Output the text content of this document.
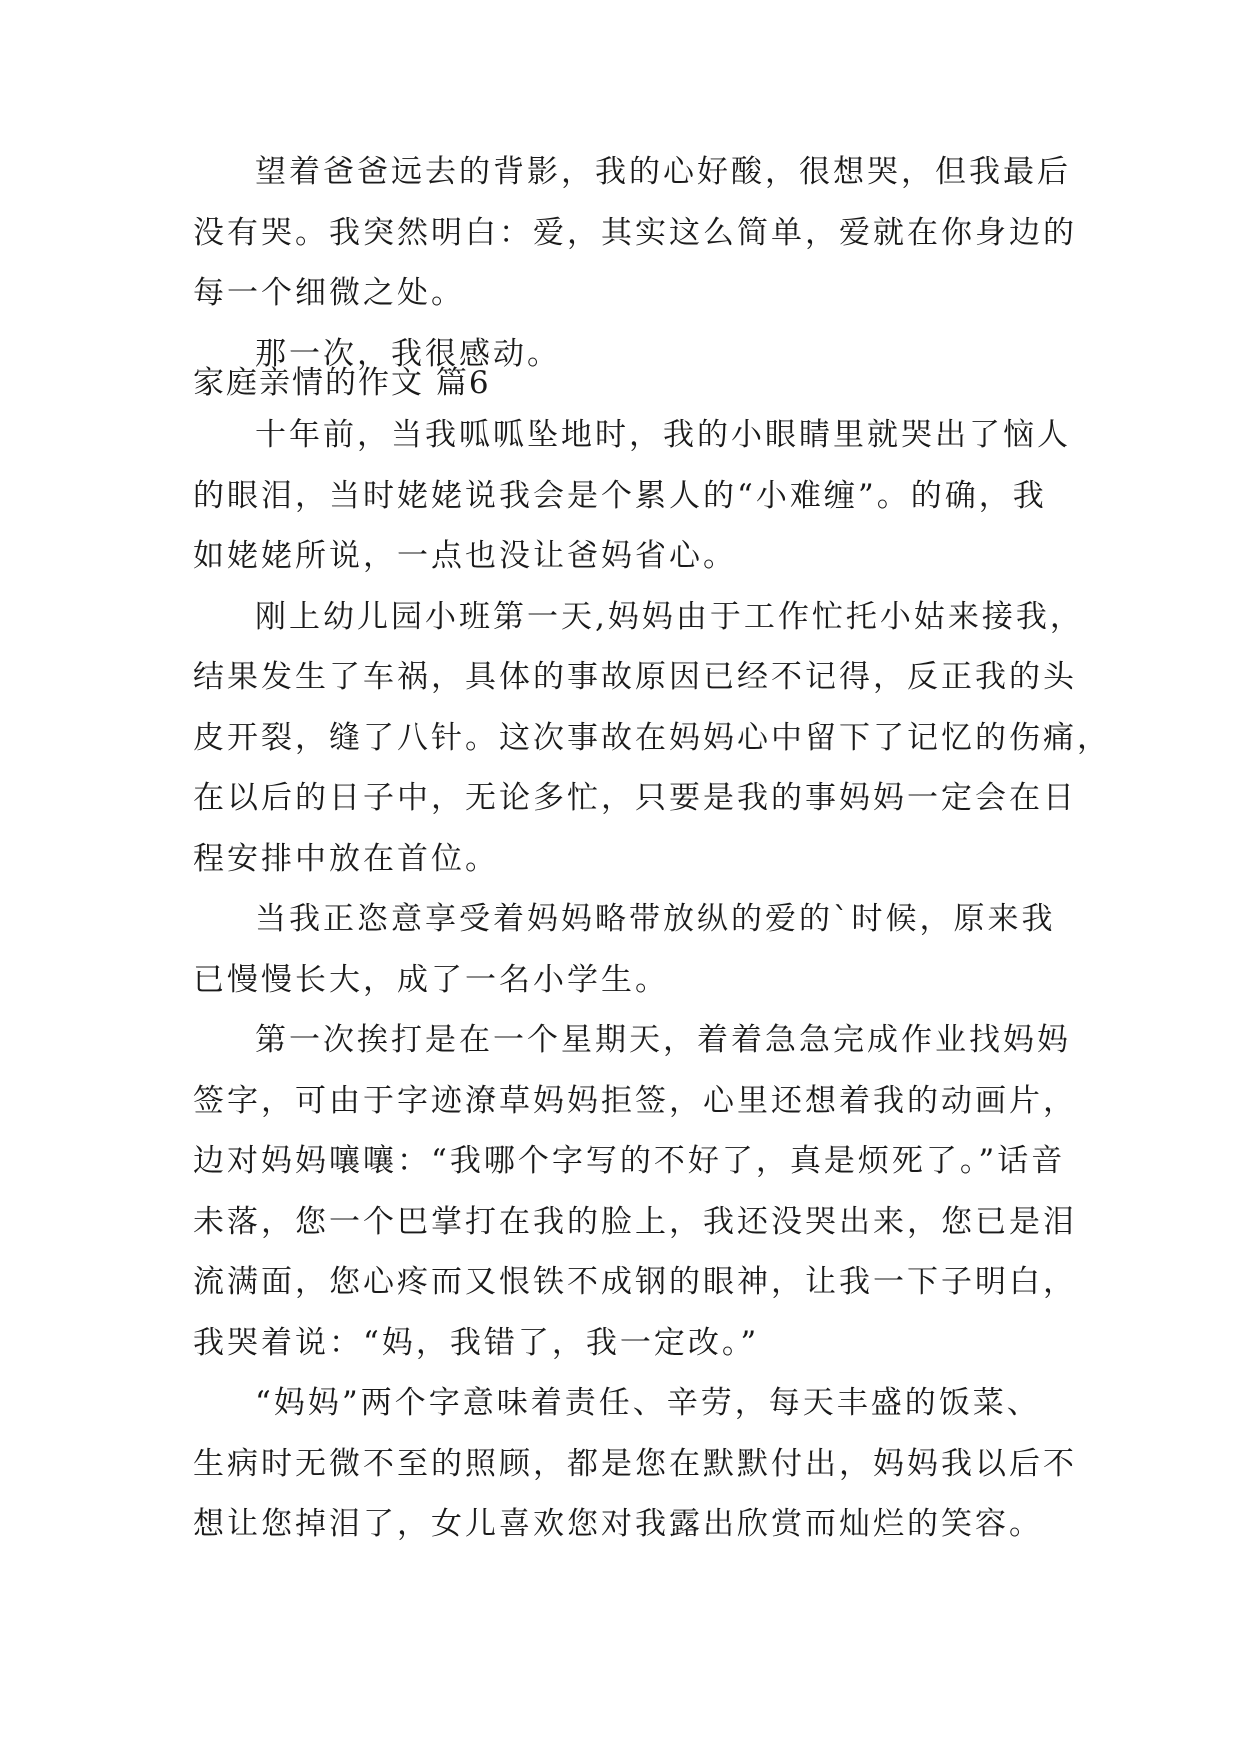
望着爸爸远去的背影，我的心好酸，很想哭，但我最后
没有哭。我突然明白：爱，其实这么简单，爱就在你身边的
每一个细微之处。

那一次，我很感动。

家庭亲情的作文 篇6

十年前，当我呱呱坠地时，我的小眼睛里就哭出了恼人
的眼泪，当时姥姥说我会是个累人的“小难缠”。的确，我
如姥姥所说，一点也没让爸妈省心。

刚上幼儿园小班第一天,妈妈由于工作忙托小姑来接我，
结果发生了车祸，具体的事故原因已经不记得，反正我的头
皮开裂，缝了八针。这次事故在妈妈心中留下了记忆的伤痛，
在以后的日子中，无论多忙，只要是我的事妈妈一定会在日
程安排中放在首位。

当我正恣意享受着妈妈略带放纵的爱的`时候，原来我
已慢慢长大，成了一名小学生。

第一次挨打是在一个星期天，着着急急完成作业找妈妈
签字，可由于字迹潦草妈妈拒签，心里还想着我的动画片，
边对妈妈嚷嚷：“我哪个字写的不好了，真是烦死了。”话音
未落，您一个巴掌打在我的脸上，我还没哭出来，您已是泪
流满面，您心疼而又恨铁不成钢的眼神，让我一下子明白，
我哭着说：“妈，我错了，我一定改。”

“妈妈”两个字意味着责任、辛劳，每天丰盛的饭菜、
生病时无微不至的照顾，都是您在默默付出，妈妈我以后不
想让您掉泪了，女儿喜欢您对我露出欣赏而灿烂的笑容。
